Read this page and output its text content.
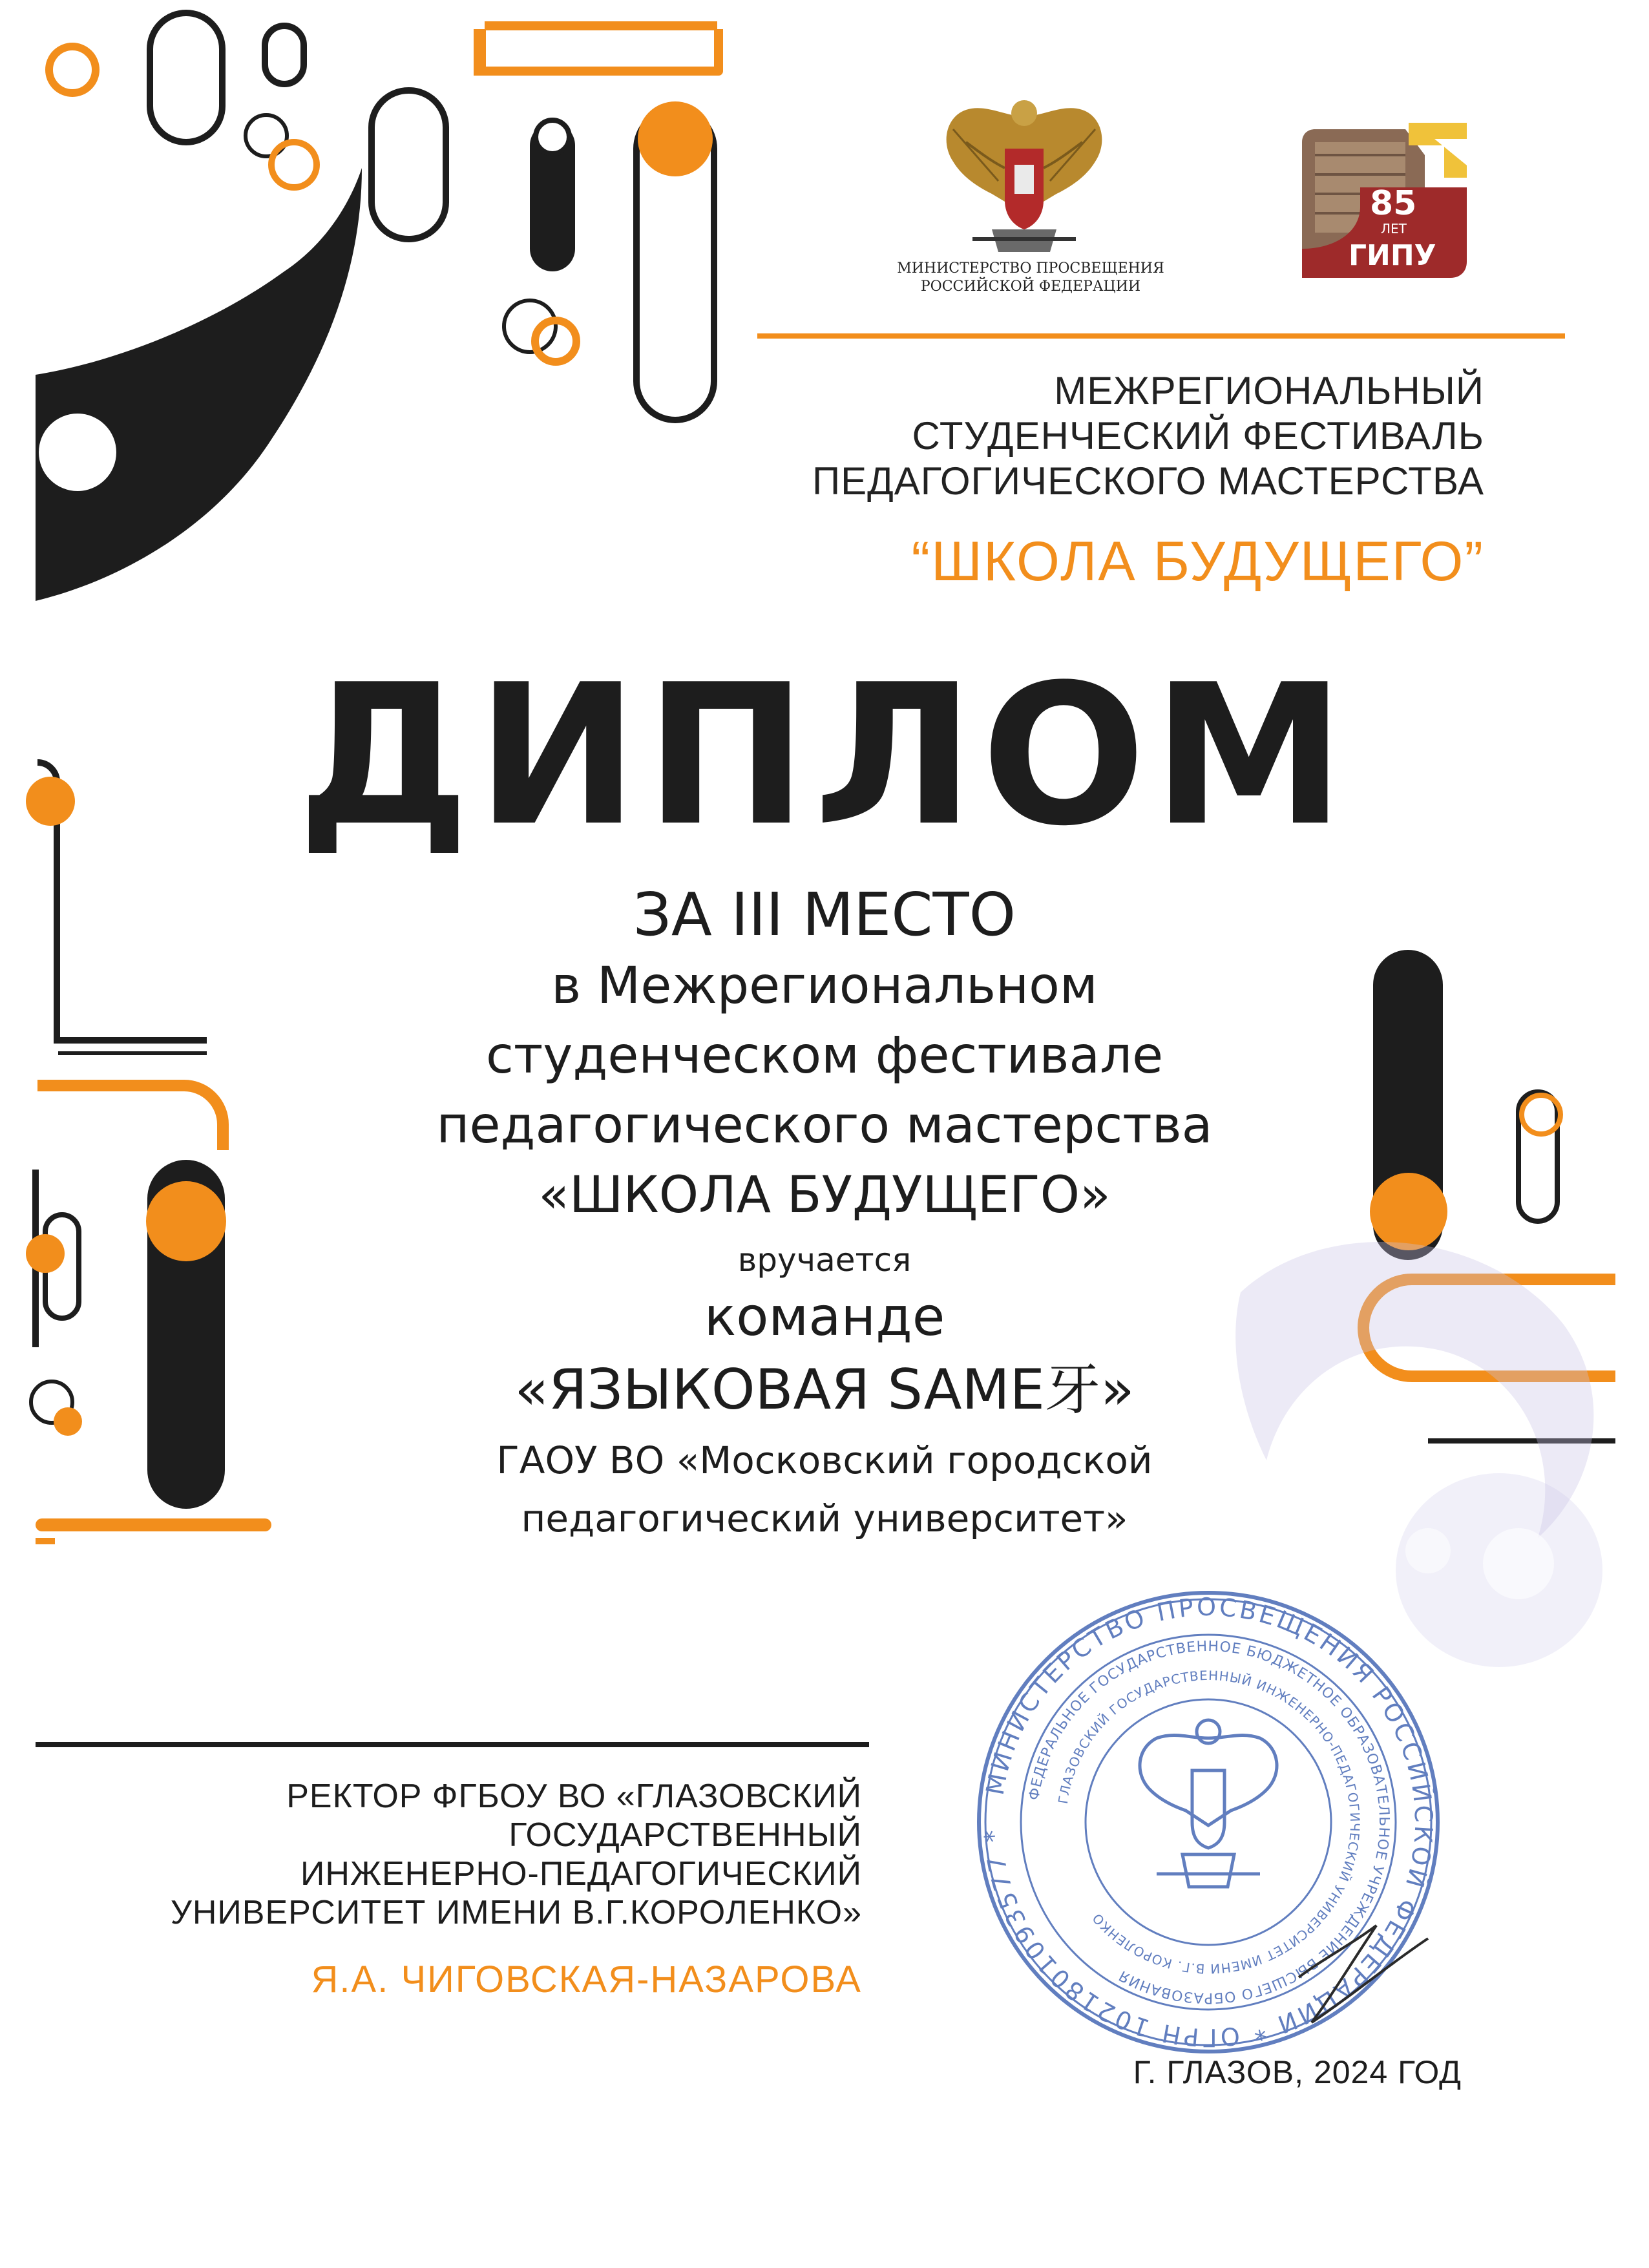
МИНИСТЕРСТВО ПРОСВЕЩЕНИЯ
РОССИЙСКОЙ ФЕДЕРАЦИИ
85
ЛЕТ
ГИПУ
МЕЖРЕГИОНАЛЬНЫЙ
СТУДЕНЧЕСКИЙ ФЕСТИВАЛЬ
ПЕДАГОГИЧЕСКОГО МАСТЕРСТВА
“ШКОЛА БУДУЩЕГО”
ДИПЛОМ
ЗА III МЕСТО
в Межрегиональном
студенческом фестивале
педагогического мастерства
«ШКОЛА БУДУЩЕГО»
вручается
команде
«ЯЗЫКОВАЯ SAME牙»
ГАОУ ВО «Московский городской
педагогический университет»
РЕКТОР ФГБОУ ВО «ГЛАЗОВСКИЙ
ГОСУДАРСТВЕННЫЙ
ИНЖЕНЕРНО-ПЕДАГОГИЧЕСКИЙ
УНИВЕРСИТЕТ ИМЕНИ В.Г.КОРОЛЕНКО»
Я.А. ЧИГОВСКАЯ-НАЗАРОВА
Г. ГЛАЗОВ, 2024 ГОД
МИНИСТЕРСТВО ПРОСВЕЩЕНИЯ РОССИЙСКОЙ ФЕДЕРАЦИИ * ОГРН 1021801093577 *
ФЕДЕРАЛЬНОЕ ГОСУДАРСТВЕННОЕ БЮДЖЕТНОЕ ОБРАЗОВАТЕЛЬНОЕ УЧРЕЖДЕНИЕ ВЫСШЕГО ОБРАЗОВАНИЯ
ГЛАЗОВСКИЙ ГОСУДАРСТВЕННЫЙ ИНЖЕНЕРНО-ПЕДАГОГИЧЕСКИЙ УНИВЕРСИТЕТ ИМЕНИ В.Г. КОРОЛЕНКО
